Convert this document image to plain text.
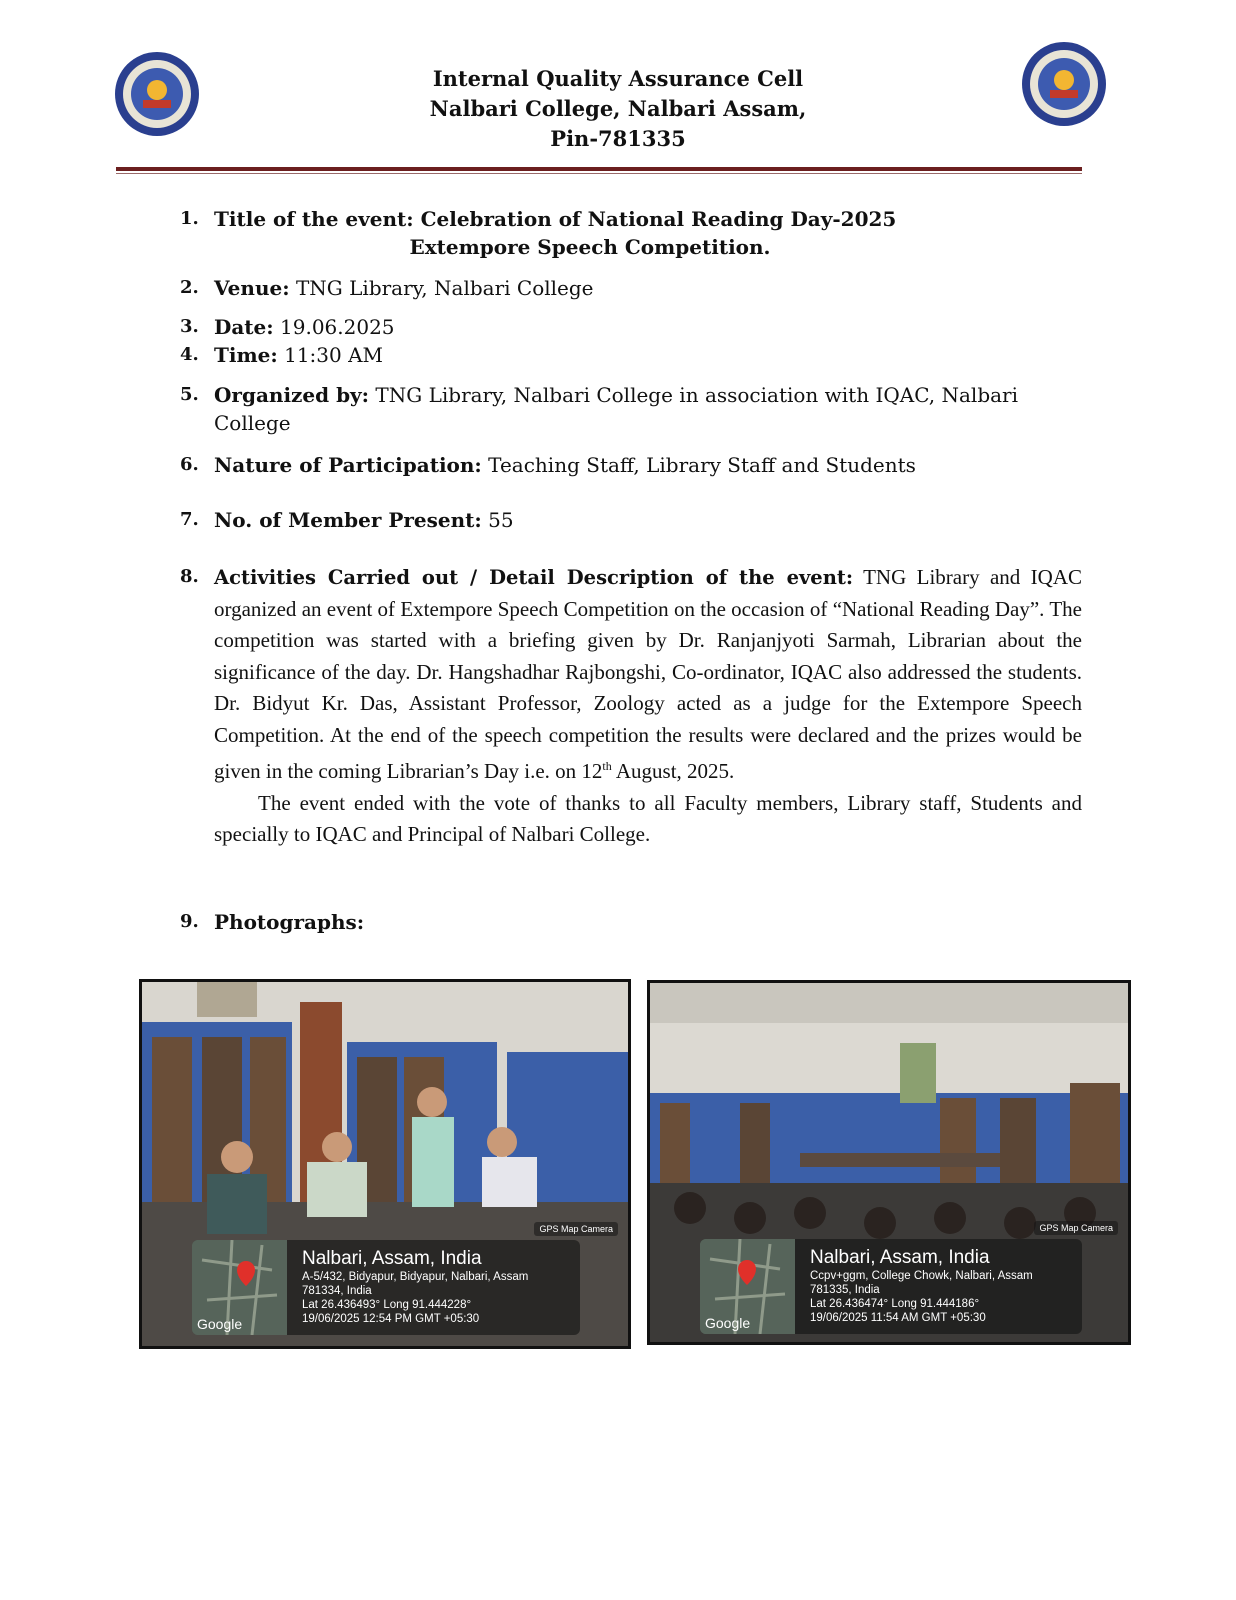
Internal Quality Assurance Cell
Nalbari College, Nalbari Assam,
Pin-781335
1. Title of the event: Celebration of National Reading Day-2025
Extempore Speech Competition.
2. Venue: TNG Library, Nalbari College
3. Date: 19.06.2025
4. Time: 11:30 AM
5. Organized by: TNG Library, Nalbari College in association with IQAC, Nalbari
College
6. Nature of Participation: Teaching Staff, Library Staff and Students
7. No. of Member Present: 55
8. Activities Carried out / Detail Description of the event: TNG Library and IQAC organized an event of Extempore Speech Competition on the occasion of “National Reading Day”. The competition was started with a briefing given by Dr. Ranjanjyoti Sarmah, Librarian about the significance of the day. Dr. Hangshadhar Rajbongshi, Co-ordinator, IQAC also addressed the students. Dr. Bidyut Kr. Das, Assistant Professor, Zoology acted as a judge for the Extempore Speech Competition. At the end of the speech competition the results were declared and the prizes would be given in the coming Librarian’s Day i.e. on 12th August, 2025.

The event ended with the vote of thanks to all Faculty members, Library staff, Students and specially to IQAC and Principal of Nalbari College.

9. Photographs:
GPS Map Camera
Google
Nalbari, Assam, India
A-5/432, Bidyapur, Bidyapur, Nalbari, Assam
781334, India
Lat 26.436493° Long 91.444228°
19/06/2025 12:54 PM GMT +05:30
GPS Map Camera
Google
Nalbari, Assam, India
Ccpv+ggm, College Chowk, Nalbari, Assam
781335, India
Lat 26.436474° Long 91.444186°
19/06/2025 11:54 AM GMT +05:30
